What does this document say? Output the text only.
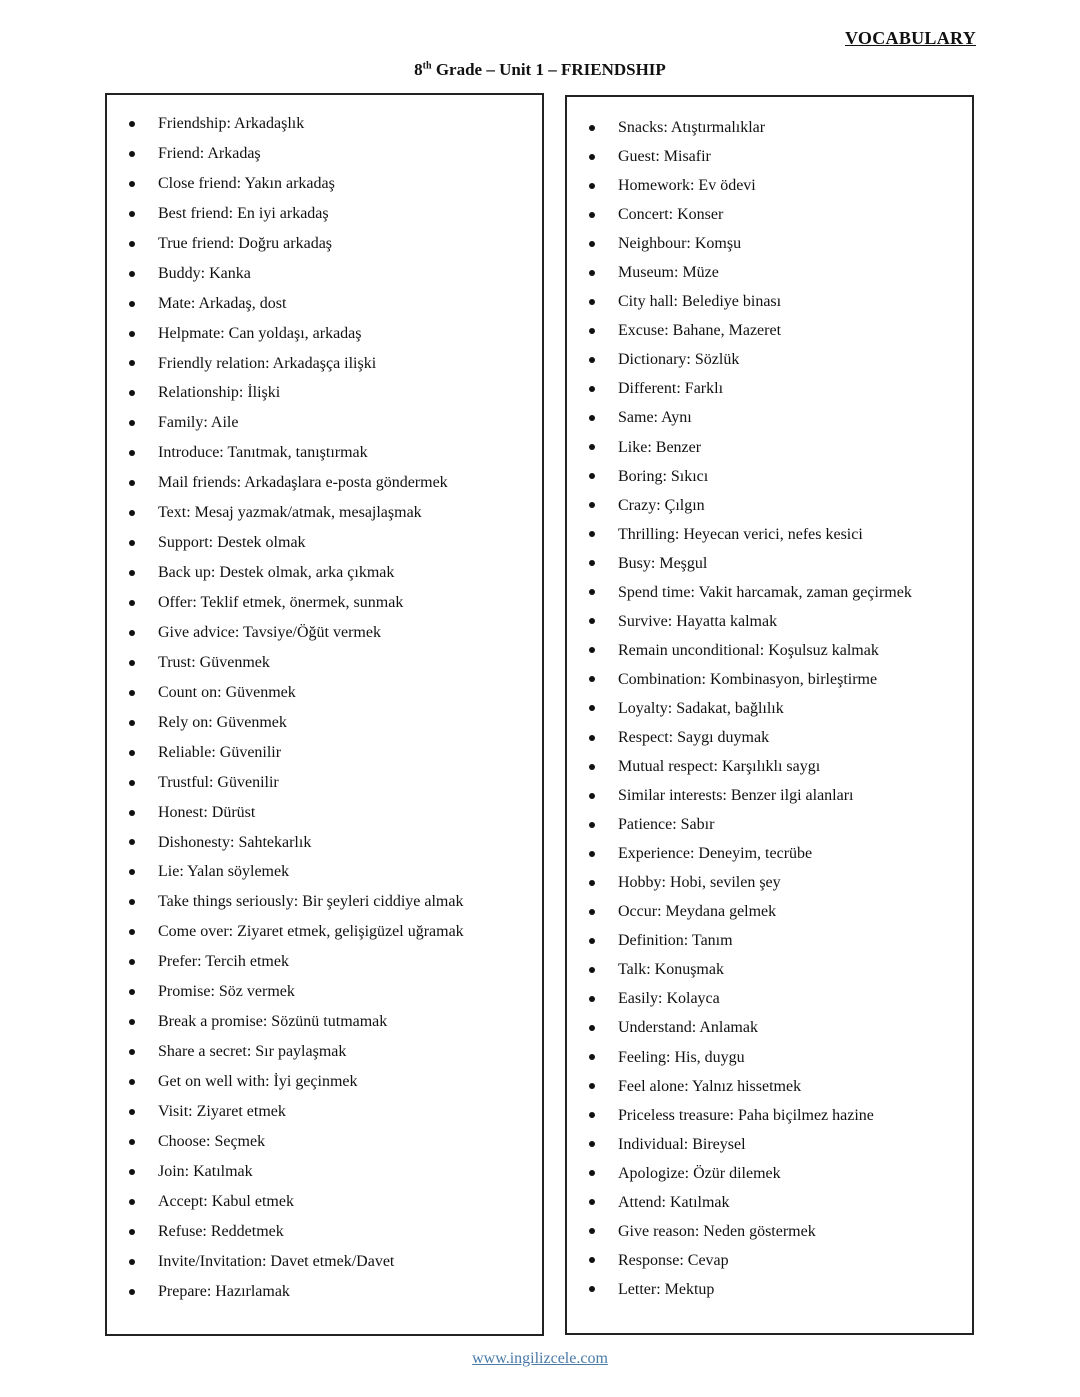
VOCABULARY
8th Grade – Unit 1 – FRIENDSHIP
Friendship: Arkadaşlık
Friend: Arkadaş
Close friend: Yakın arkadaş
Best friend: En iyi arkadaş
True friend: Doğru arkadaş
Buddy: Kanka
Mate: Arkadaş, dost
Helpmate: Can yoldaşı, arkadaş
Friendly relation: Arkadaşça ilişki
Relationship: İlişki
Family: Aile
Introduce: Tanıtmak, tanıştırmak
Mail friends: Arkadaşlara e-posta göndermek
Text: Mesaj yazmak/atmak, mesajlaşmak
Support: Destek olmak
Back up: Destek olmak, arka çıkmak
Offer: Teklif etmek, önermek, sunmak
Give advice: Tavsiye/Öğüt vermek
Trust: Güvenmek
Count on: Güvenmek
Rely on: Güvenmek
Reliable: Güvenilir
Trustful: Güvenilir
Honest: Dürüst
Dishonesty: Sahtekarlık
Lie: Yalan söylemek
Take things seriously: Bir şeyleri ciddiye almak
Come over: Ziyaret etmek, gelişigüzel uğramak
Prefer: Tercih etmek
Promise: Söz vermek
Break a promise: Sözünü tutmamak
Share a secret: Sır paylaşmak
Get on well with: İyi geçinmek
Visit: Ziyaret etmek
Choose: Seçmek
Join: Katılmak
Accept: Kabul etmek
Refuse: Reddetmek
Invite/Invitation: Davet etmek/Davet
Prepare: Hazırlamak
Snacks: Atıştırmalıklar
Guest: Misafir
Homework: Ev ödevi
Concert: Konser
Neighbour: Komşu
Museum: Müze
City hall: Belediye binası
Excuse: Bahane, Mazeret
Dictionary: Sözlük
Different: Farklı
Same: Aynı
Like: Benzer
Boring: Sıkıcı
Crazy: Çılgın
Thrilling: Heyecan verici, nefes kesici
Busy: Meşgul
Spend time: Vakit harcamak, zaman geçirmek
Survive: Hayatta kalmak
Remain unconditional: Koşulsuz kalmak
Combination: Kombinasyon, birleştirme
Loyalty: Sadakat, bağlılık
Respect: Saygı duymak
Mutual respect: Karşılıklı saygı
Similar interests: Benzer ilgi alanları
Patience: Sabır
Experience: Deneyim, tecrübe
Hobby: Hobi, sevilen şey
Occur: Meydana gelmek
Definition: Tanım
Talk: Konuşmak
Easily: Kolayca
Understand: Anlamak
Feeling: His, duygu
Feel alone: Yalnız hissetmek
Priceless treasure: Paha biçilmez hazine
Individual: Bireysel
Apologize: Özür dilemek
Attend: Katılmak
Give reason: Neden göstermek
Response: Cevap
Letter: Mektup
www.ingilizcele.com
